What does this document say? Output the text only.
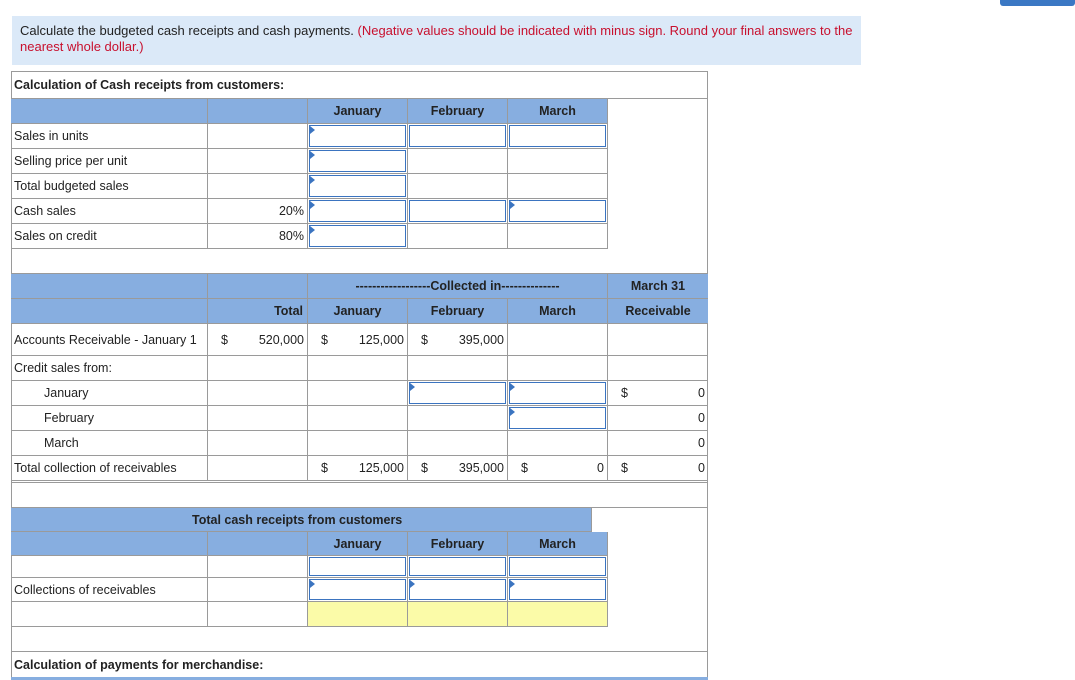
Calculate the budgeted cash receipts and cash payments. (Negative values should be indicated with minus sign. Round your final answers to the nearest whole dollar.)
Calculation of Cash receipts from customers:
January	February	March
Sales in units
Selling price per unit
Total budgeted sales
Cash sales	20%
Sales on credit	80%
------------------Collected in--------------	March 31
Total	January	February	March	Receivable
Accounts Receivable - January 1	$ 520,000 $ 125,000 $ 395,000
Credit sales from:
January	$	0
February	0
March	0
Total collection of receivables	$ 125,000 $ 395,000 $	0 $	0
Total cash receipts from customers
January	February	March
Collections of receivables
Calculation of payments for merchandise:
